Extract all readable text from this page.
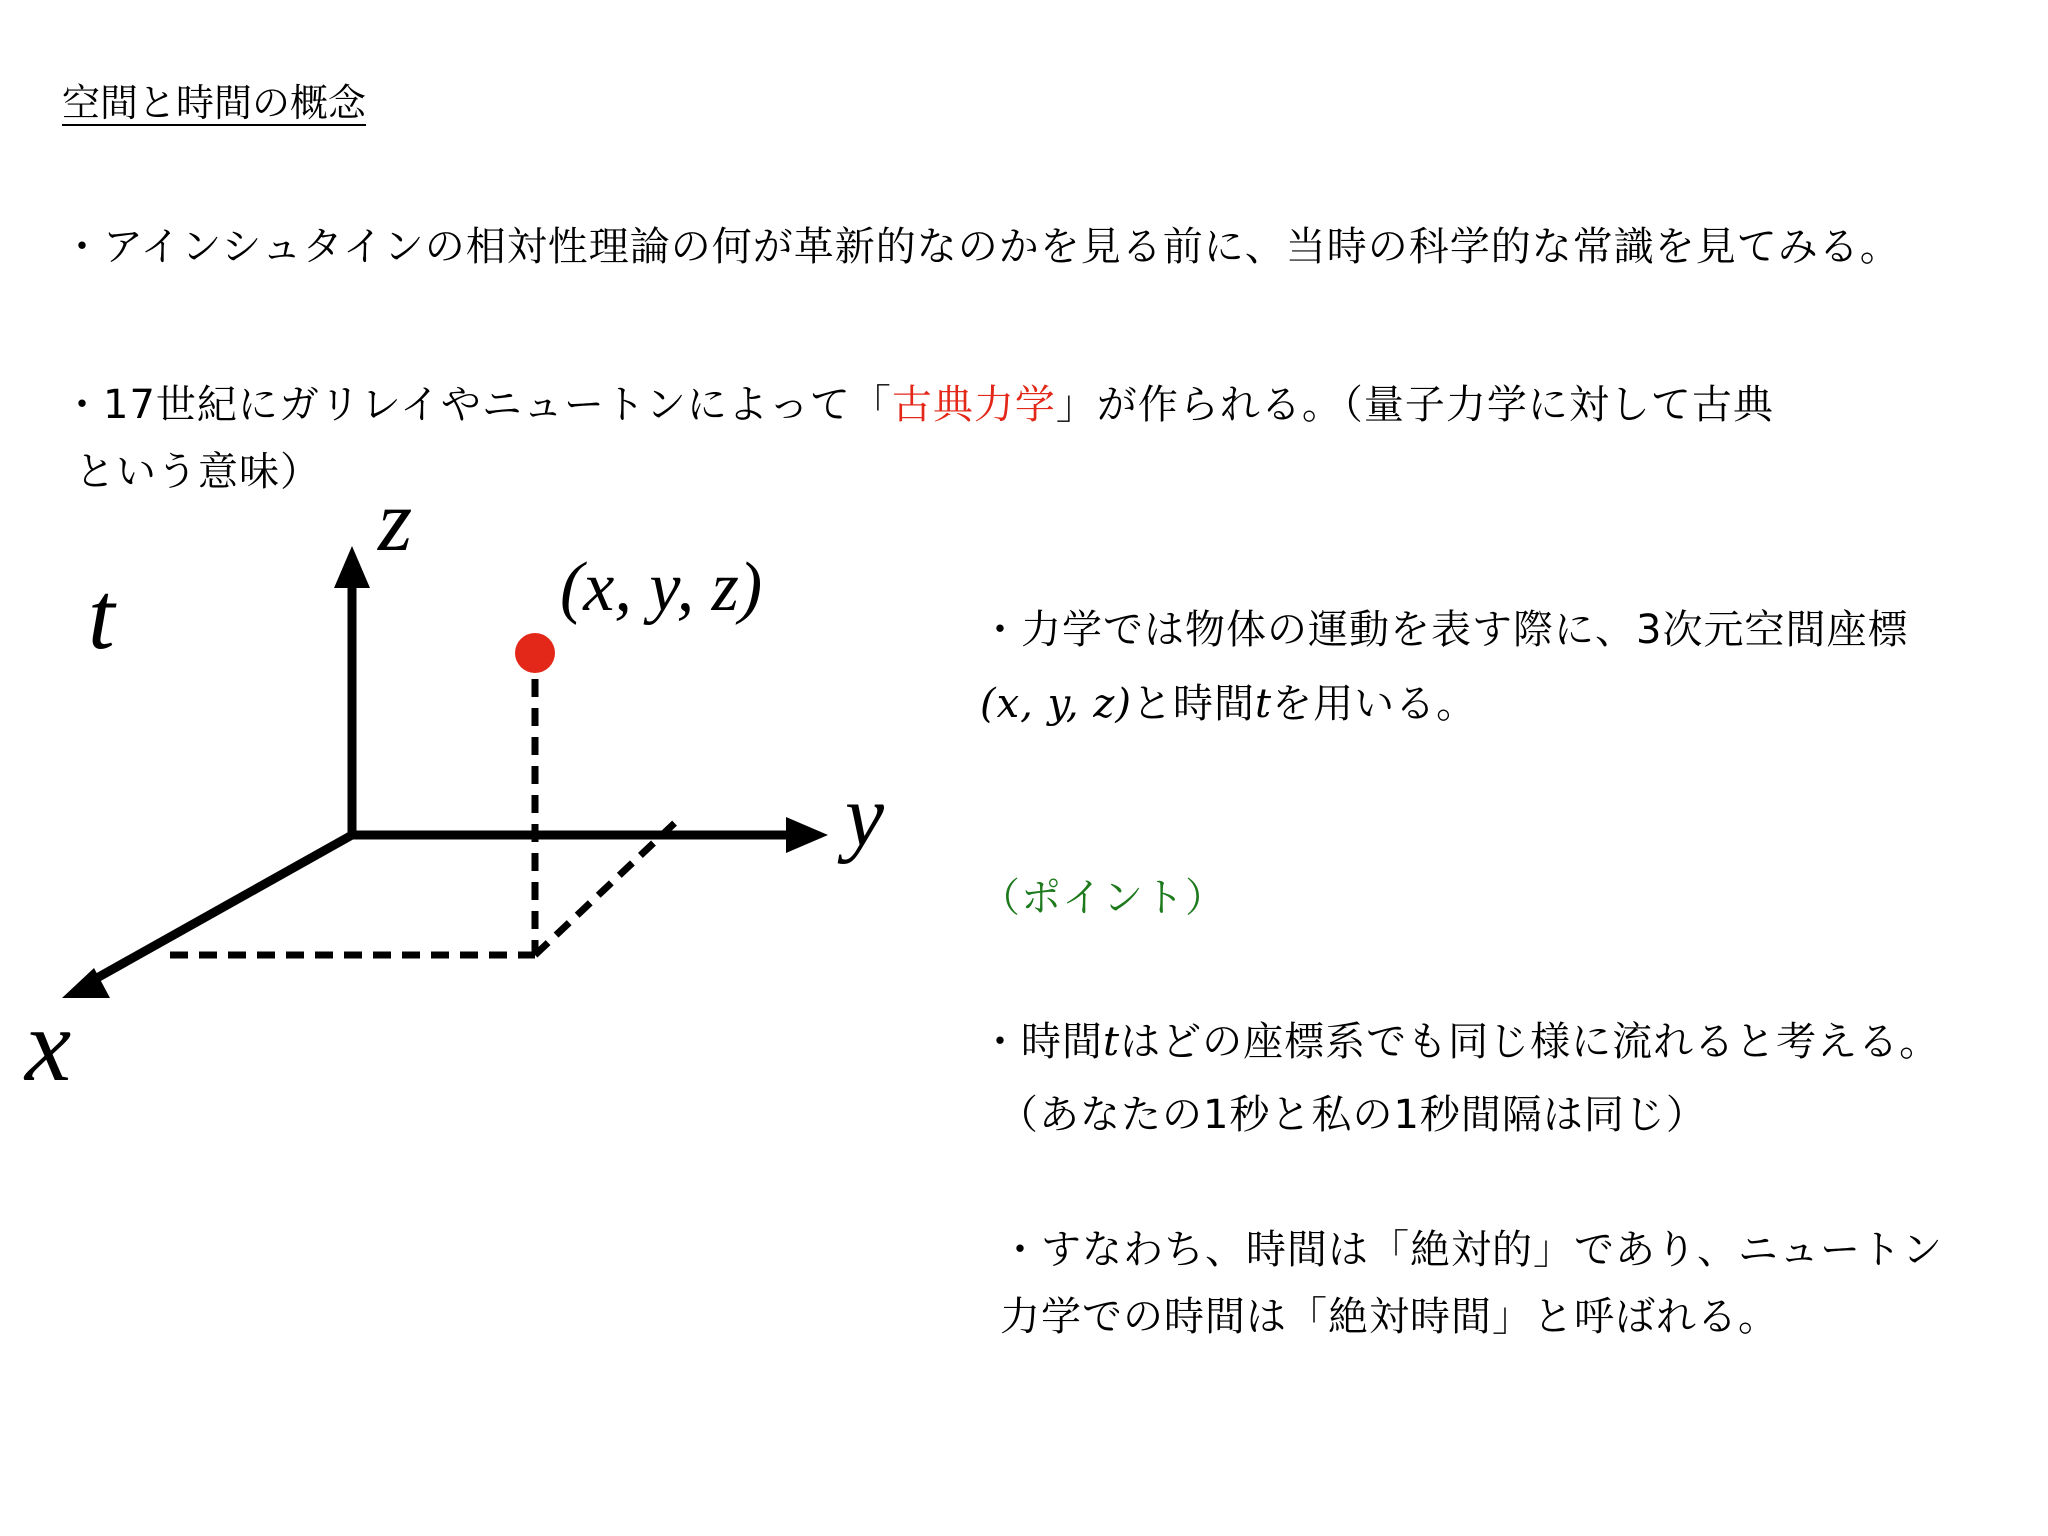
空間と時間の概念
・アインシュタインの相対性理論の何が革新的なのかを見る前に、当時の科学的な常識を見てみる。
・17世紀にガリレイやニュートンによって「古典力学」が作られる。（量子力学に対して古典
という意味）
t
z
y
x
(x, y, z)
・力学では物体の運動を表す際に、3次元空間座標
(x, y, z)と時間tを用いる。
（ポイント）
・時間tはどの座標系でも同じ様に流れると考える。
（あなたの1秒と私の1秒間隔は同じ）
・すなわち、時間は「絶対的」であり、ニュートン
力学での時間は「絶対時間」と呼ばれる。
